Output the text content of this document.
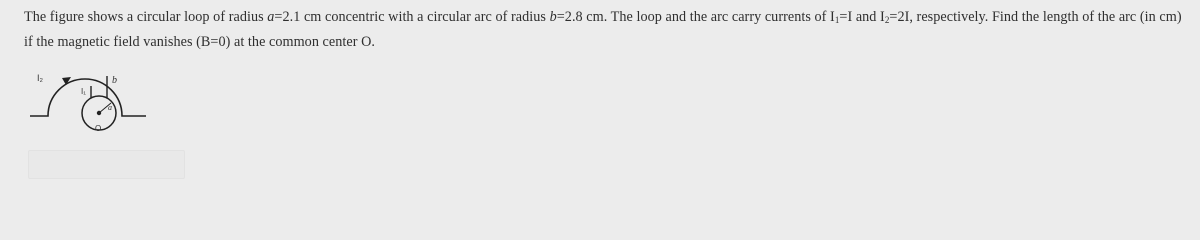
The figure shows a circular loop of radius a=2.1 cm concentric with a circular arc of radius b=2.8 cm. The loop and the arc carry currents of $I_1=I$ and $I_2=2I$, respectively. Find the length of the arc (in cm) if the magnetic field vanishes (B=0) at the common center O.
I₂
I₁
b
a
O
